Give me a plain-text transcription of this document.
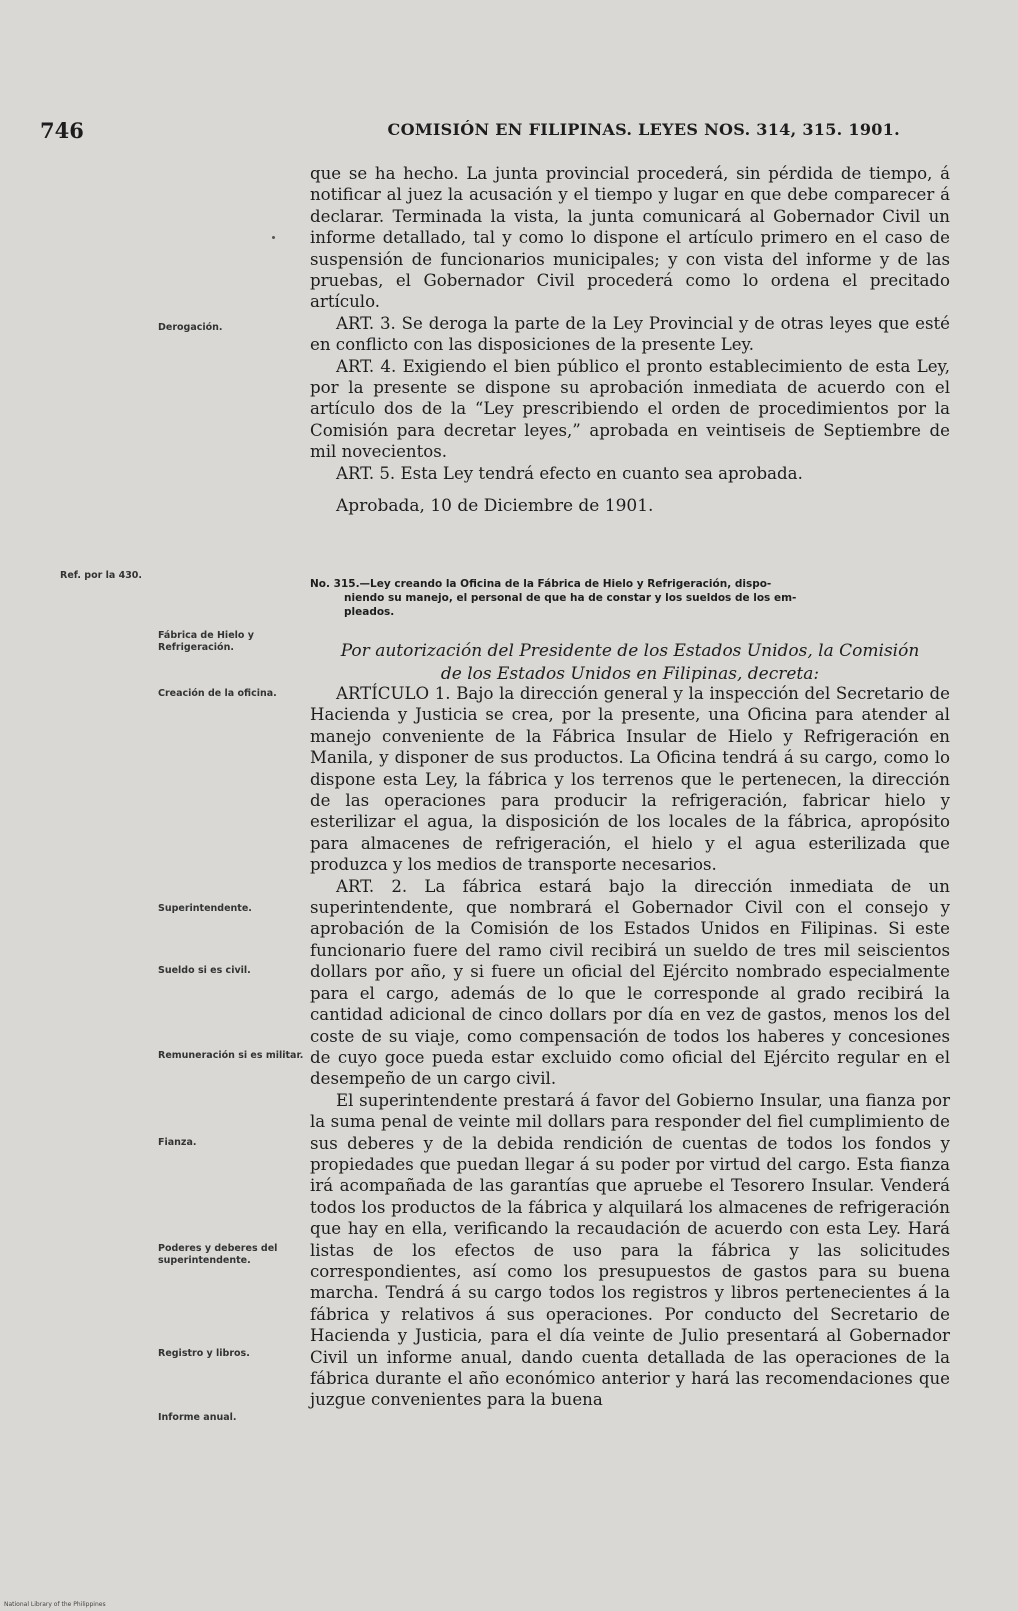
746	COMISIÓN EN FILIPINAS. LEYES NOS. 314, 315. 1901.

que se ha hecho. La junta provincial procederá, sin pérdida de tiempo, á notificar al juez la acusación y el tiempo y lugar en que debe comparecer á declarar. Terminada la vista, la junta comunicará al Gobernador Civil un informe detallado, tal y como lo dispone el artículo primero en el caso de suspensión de funcionarios municipales; y con vista del informe y de las pruebas, el Gobernador Civil procederá como lo ordena el precitado artículo.

ART. 3. Se deroga la parte de la Ley Provincial y de otras leyes que esté en conflicto con las disposiciones de la presente Ley.

ART. 4. Exigiendo el bien público el pronto establecimiento de esta Ley, por la presente se dispone su aprobación inmediata de acuerdo con el artículo dos de la “Ley prescribiendo el orden de procedimientos por la Comisión para decretar leyes,” aprobada en veintiseis de Septiembre de mil novecientos.

ART. 5. Esta Ley tendrá efecto en cuanto sea aprobada.

Aprobada, 10 de Diciembre de 1901.

No. 315.—Ley creando la Oficina de la Fábrica de Hielo y Refrigeración, dispo-
niendo su manejo, el personal de que ha de constar y los sueldos de los em-
pleados.
Por autorización del Presidente de los Estados Unidos, la Comisión
de los Estados Unidos en Filipinas, decreta:

ARTÍCULO 1. Bajo la dirección general y la inspección del Secretario de Hacienda y Justicia se crea, por la presente, una Oficina para atender al manejo conveniente de la Fábrica Insular de Hielo y Refrigeración en Manila, y disponer de sus productos. La Oficina tendrá á su cargo, como lo dispone esta Ley, la fábrica y los terrenos que le pertenecen, la dirección de las operaciones para producir la refrigeración, fabricar hielo y esterilizar el agua, la disposición de los locales de la fábrica, apropósito para almacenes de refrigeración, el hielo y el agua esterilizada que produzca y los medios de transporte necesarios.

ART. 2. La fábrica estará bajo la dirección inmediata de un superintendente, que nombrará el Gobernador Civil con el consejo y aprobación de la Comisión de los Estados Unidos en Filipinas. Si este funcionario fuere del ramo civil recibirá un sueldo de tres mil seiscientos dollars por año, y si fuere un oficial del Ejército nombrado especialmente para el cargo, además de lo que le corresponde al grado recibirá la cantidad adicional de cinco dollars por día en vez de gastos, menos los del coste de su viaje, como compensación de todos los haberes y concesiones de cuyo goce pueda estar excluido como oficial del Ejército regular en el desempeño de un cargo civil.

El superintendente prestará á favor del Gobierno Insular, una fianza por la suma penal de veinte mil dollars para responder del fiel cumplimiento de sus deberes y de la debida rendición de cuentas de todos los fondos y propiedades que puedan llegar á su poder por virtud del cargo. Esta fianza irá acompañada de las garantías que apruebe el Tesorero Insular. Venderá todos los productos de la fábrica y alquilará los almacenes de refrigeración que hay en ella, verificando la recaudación de acuerdo con esta Ley. Hará listas de los efectos de uso para la fábrica y las solicitudes correspondientes, así como los presupuestos de gastos para su buena marcha. Tendrá á su cargo todos los registros y libros pertenecientes á la fábrica y relativos á sus operaciones. Por conducto del Secretario de Hacienda y Justicia, para el día veinte de Julio presentará al Gobernador Civil un informe anual, dando cuenta detallada de las operaciones de la fábrica durante el año económico anterior y hará las recomendaciones que juzgue convenientes para la buena

Derogación.
Ref. por la 430.
Fábrica de Hielo y Refrigeración.
Creación de la oficina.
Superintendente.
Sueldo si es civil.
Remuneración si es militar.
Fianza.
Poderes y deberes del superintendente.
Registro y libros.
Informe anual.
National Library of the Philippines
